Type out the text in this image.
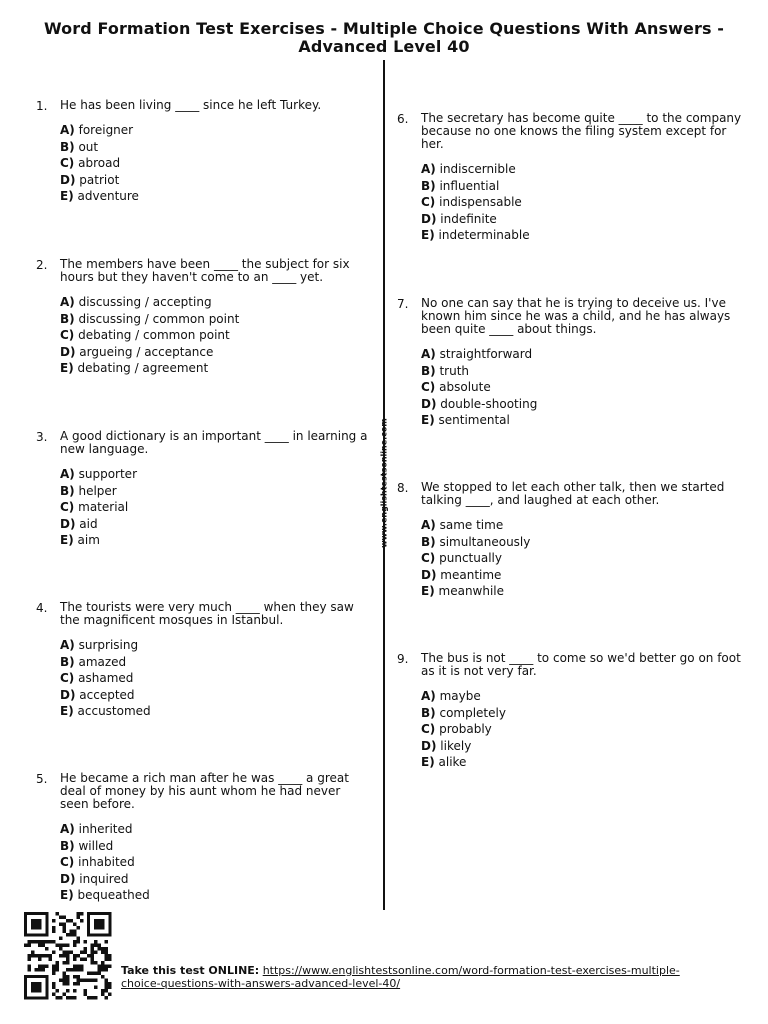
Word Formation Test Exercises - Multiple Choice Questions With Answers - Advanced Level 40
www.englishtestsonline.com
1. He has been living ____ since he left Turkey.
A) foreigner
B) out
C) abroad
D) patriot
E) adventure
2. The members have been ____ the subject for six hours but they haven't come to an ____ yet.
A) discussing / accepting
B) discussing / common point
C) debating / common point
D) argueing / acceptance
E) debating / agreement
3. A good dictionary is an important ____ in learning a new language.
A) supporter
B) helper
C) material
D) aid
E) aim
4. The tourists were very much ____ when they saw the magnificent mosques in Istanbul.
A) surprising
B) amazed
C) ashamed
D) accepted
E) accustomed
5. He became a rich man after he was ____ a great deal of money by his aunt whom he had never seen before.
A) inherited
B) willed
C) inhabited
D) inquired
E) bequeathed
6. The secretary has become quite ____ to the company because no one knows the filing system except for her.
A) indiscernible
B) influential
C) indispensable
D) indefinite
E) indeterminable
7. No one can say that he is trying to deceive us. I've known him since he was a child, and he has always been quite ____ about things.
A) straightforward
B) truth
C) absolute
D) double-shooting
E) sentimental
8. We stopped to let each other talk, then we started talking ____, and laughed at each other.
A) same time
B) simultaneously
C) punctually
D) meantime
E) meanwhile
9. The bus is not ____ to come so we'd better go on foot as it is not very far.
A) maybe
B) completely
C) probably
D) likely
E) alike
Take this test ONLINE: https://www.englishtestsonline.com/word-formation-test-exercises-multiple-choice-questions-with-answers-advanced-level-40/
